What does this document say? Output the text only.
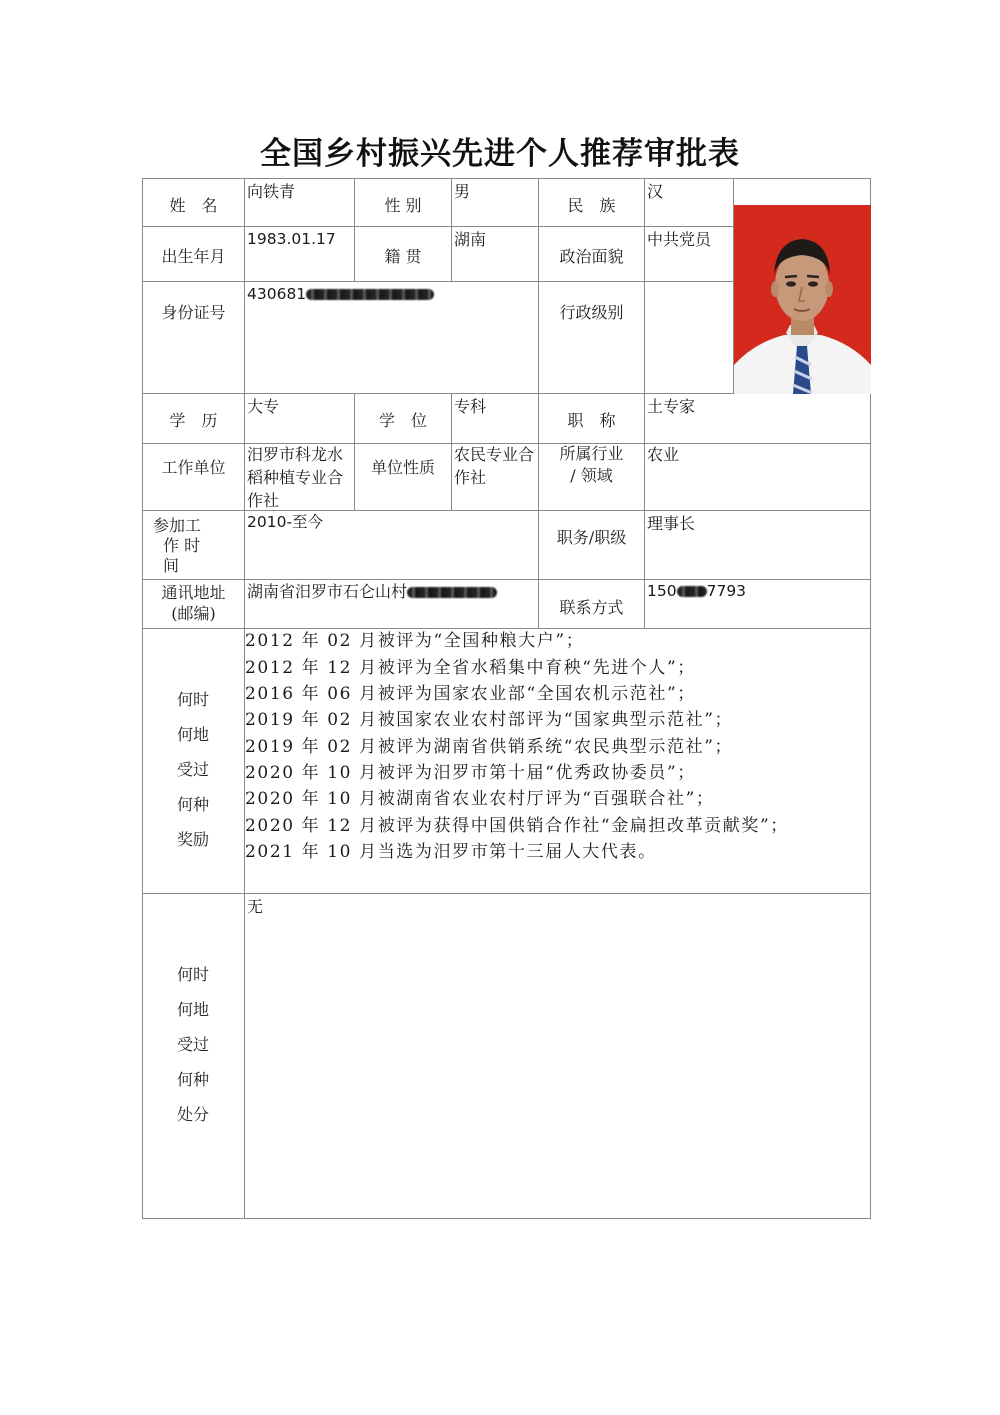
全国乡村振兴先进个人推荐审批表
姓　名
向铁青
性 别
男
民　族
汉
出生年月
1983.01.17
籍 贯
湖南
政治面貌
中共党员
身份证号
430681
行政级别
学　历
大专
学　位
专科
职　称
土专家
工作单位
汨罗市科龙水稻种植专业合作社
单位性质
农民专业合作社
所属行业
/ 领域
农业
参加工
作 时
间
2010-至今
职务/职级
理事长
通讯地址
(邮编)
湖南省汨罗市石仑山村
联系方式
150 7793
何时
何地
受过
何种
奖励
2012 年 02 月被评为“全国种粮大户”；
2012 年 12 月被评为全省水稻集中育秧“先进个人”；
2016 年 06 月被评为国家农业部“全国农机示范社”；
2019 年 02 月被国家农业农村部评为“国家典型示范社”；
2019 年 02 月被评为湖南省供销系统“农民典型示范社”；
2020 年 10 月被评为汨罗市第十届“优秀政协委员”；
2020 年 10 月被湖南省农业农村厅评为“百强联合社”；
2020 年 12 月被评为获得中国供销合作社“金扁担改革贡献奖”；
2021 年 10 月当选为汨罗市第十三届人大代表。
何时
何地
受过
何种
处分
无
